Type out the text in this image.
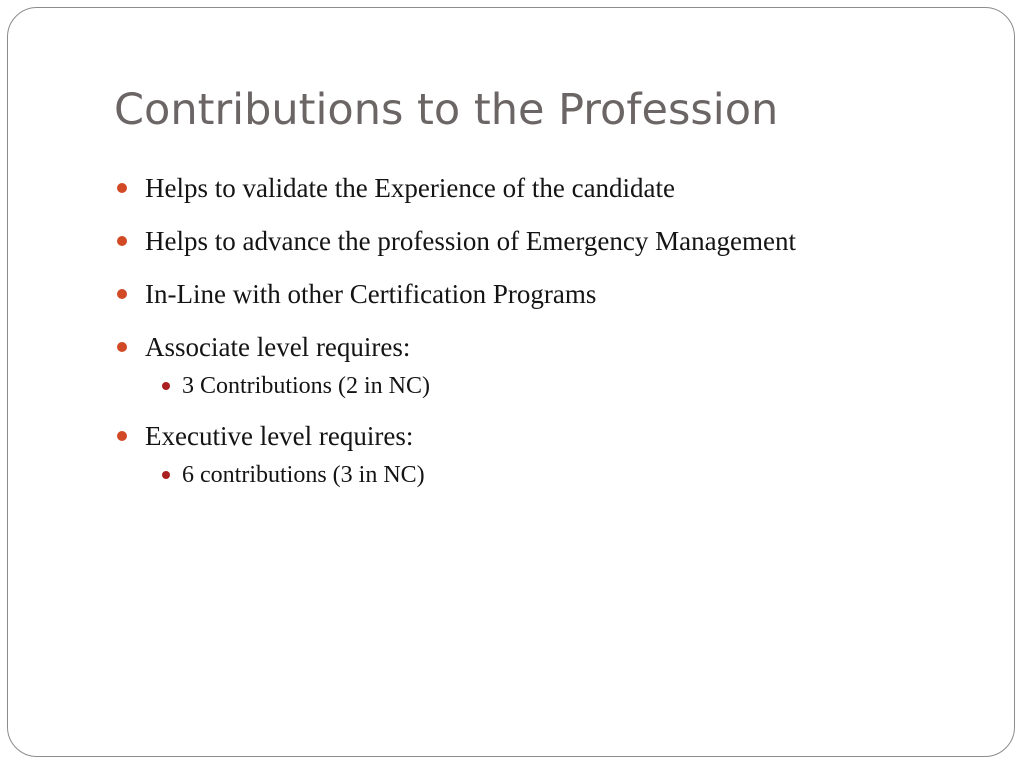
Contributions to the Profession
Helps to validate the Experience of the candidate
Helps to advance the profession of Emergency Management
In-Line with other Certification Programs
Associate level requires:
3 Contributions (2 in NC)
Executive level requires:
6 contributions (3 in NC)
